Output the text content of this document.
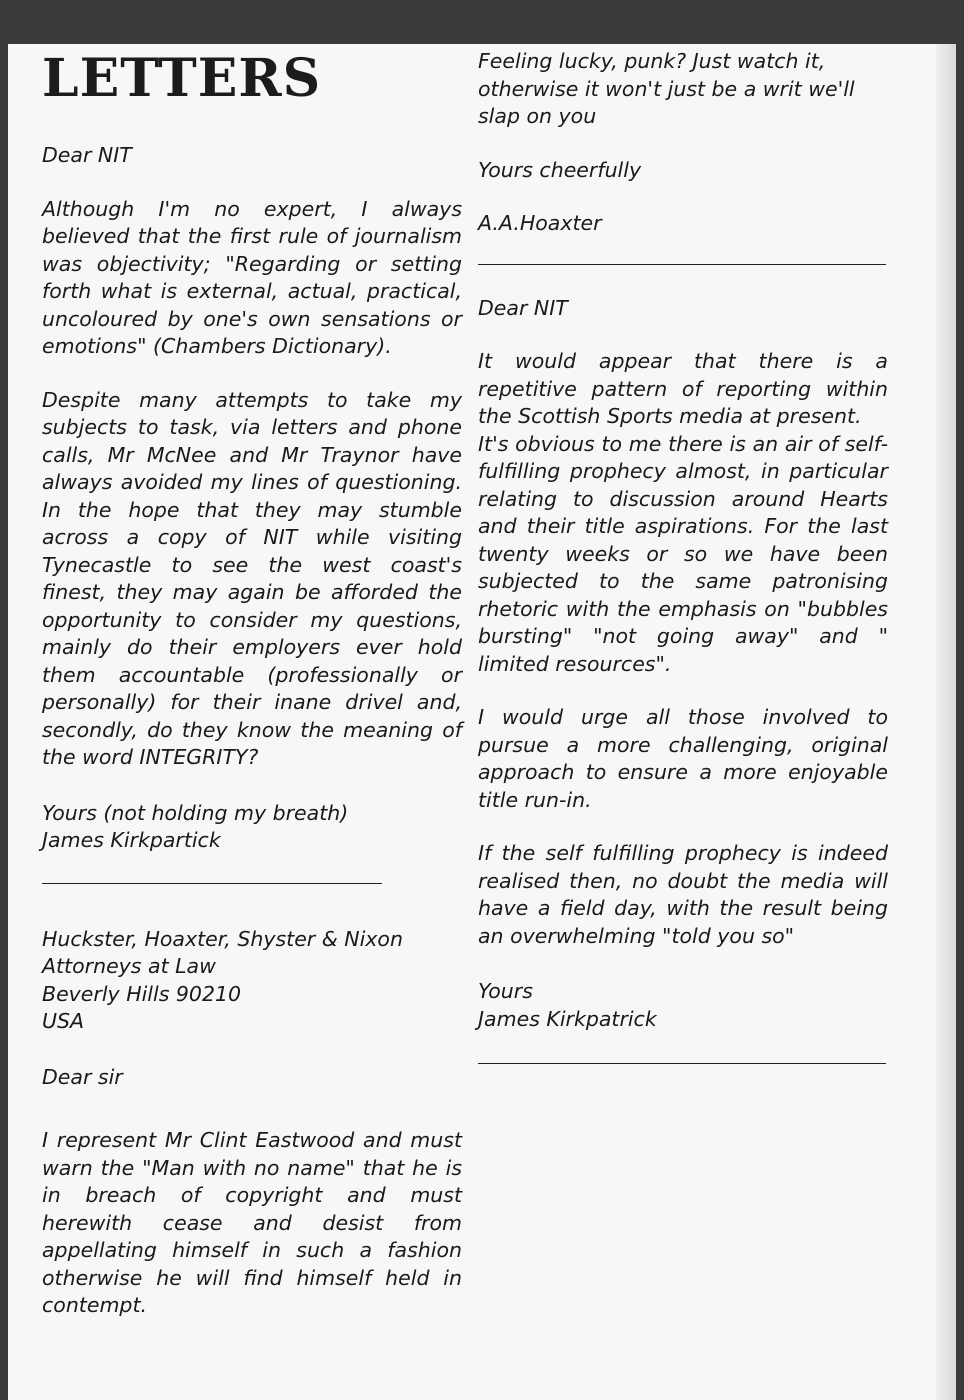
LETTERS

Dear NIT

Although I'm no expert, I always believed that the first rule of journalism was objectivity; "Regarding or setting forth what is external, actual, practical, uncoloured by one's own sensations or emotions" (Chambers Dictionary).

Despite many attempts to take my subjects to task, via letters and phone calls, Mr McNee and Mr Traynor have always avoided my lines of questioning. In the hope that they may stumble across a copy of NIT while visiting Tynecastle to see the west coast's finest, they may again be afforded the opportunity to consider my questions, mainly do their employers ever hold them accountable (professionally or personally) for their inane drivel and, secondly, do they know the meaning of the word INTEGRITY?

Yours (not holding my breath)

James Kirkpartick

Huckster, Hoaxter, Shyster & Nixon

Attorneys at Law

Beverly Hills 90210

USA

Dear sir

I represent Mr Clint Eastwood and must warn the "Man with no name" that he is in breach of copyright and must herewith cease and desist from appellating himself in such a fashion otherwise he will find himself held in contempt.

Feeling lucky, punk? Just watch it, otherwise it won't just be a writ we'll slap on you

Yours cheerfully

A.A.Hoaxter

Dear NIT

It would appear that there is a repetitive pattern of reporting within the Scottish Sports media at present.

It's obvious to me there is an air of self-fulfilling prophecy almost, in particular relating to discussion around Hearts and their title aspirations. For the last twenty weeks or so we have been subjected to the same patronising rhetoric with the emphasis on "bubbles bursting" "not going away" and " limited resources".

I would urge all those involved to pursue a more challenging, original approach to ensure a more enjoyable title run-in.

If the self fulfilling prophecy is indeed realised then, no doubt the media will have a field day, with the result being an overwhelming "told you so"

Yours

James Kirkpatrick
